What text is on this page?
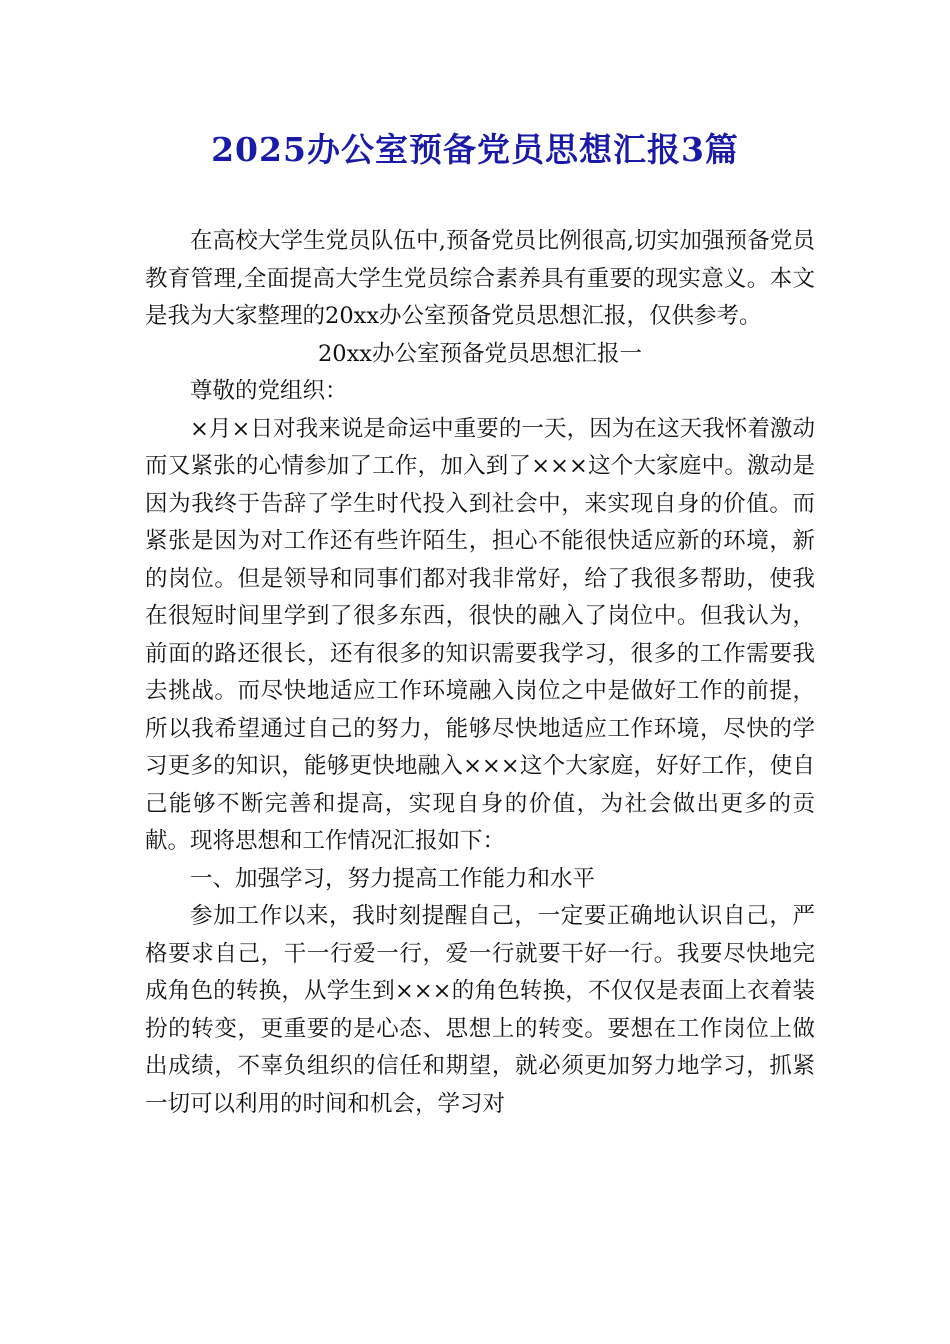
2025办公室预备党员思想汇报3篇

在高校大学生党员队伍中,预备党员比例很高,切实加强预备党员教育管理,全面提高大学生党员综合素养具有重要的现实意义。本文是我为大家整理的20xx办公室预备党员思想汇报，仅供参考。

20xx办公室预备党员思想汇报一

尊敬的党组织：

×月×日对我来说是命运中重要的一天，因为在这天我怀着激动而又紧张的心情参加了工作，加入到了×××这个大家庭中。激动是因为我终于告辞了学生时代投入到社会中，来实现自身的价值。而紧张是因为对工作还有些许陌生，担心不能很快适应新的环境，新的岗位。但是领导和同事们都对我非常好，给了我很多帮助，使我在很短时间里学到了很多东西，很快的融入了岗位中。但我认为，前面的路还很长，还有很多的知识需要我学习，很多的工作需要我去挑战。而尽快地适应工作环境融入岗位之中是做好工作的前提，所以我希望通过自己的努力，能够尽快地适应工作环境，尽快的学习更多的知识，能够更快地融入×××这个大家庭，好好工作，使自己能够不断完善和提高，实现自身的价值，为社会做出更多的贡献。现将思想和工作情况汇报如下：

一、加强学习，努力提高工作能力和水平

参加工作以来，我时刻提醒自己，一定要正确地认识自己，严格要求自己，干一行爱一行，爱一行就要干好一行。我要尽快地完成角色的转换，从学生到×××的角色转换，不仅仅是表面上衣着装扮的转变，更重要的是心态、思想上的转变。要想在工作岗位上做出成绩，不辜负组织的信任和期望，就必须更加努力地学习，抓紧一切可以利用的时间和机会，学习对
